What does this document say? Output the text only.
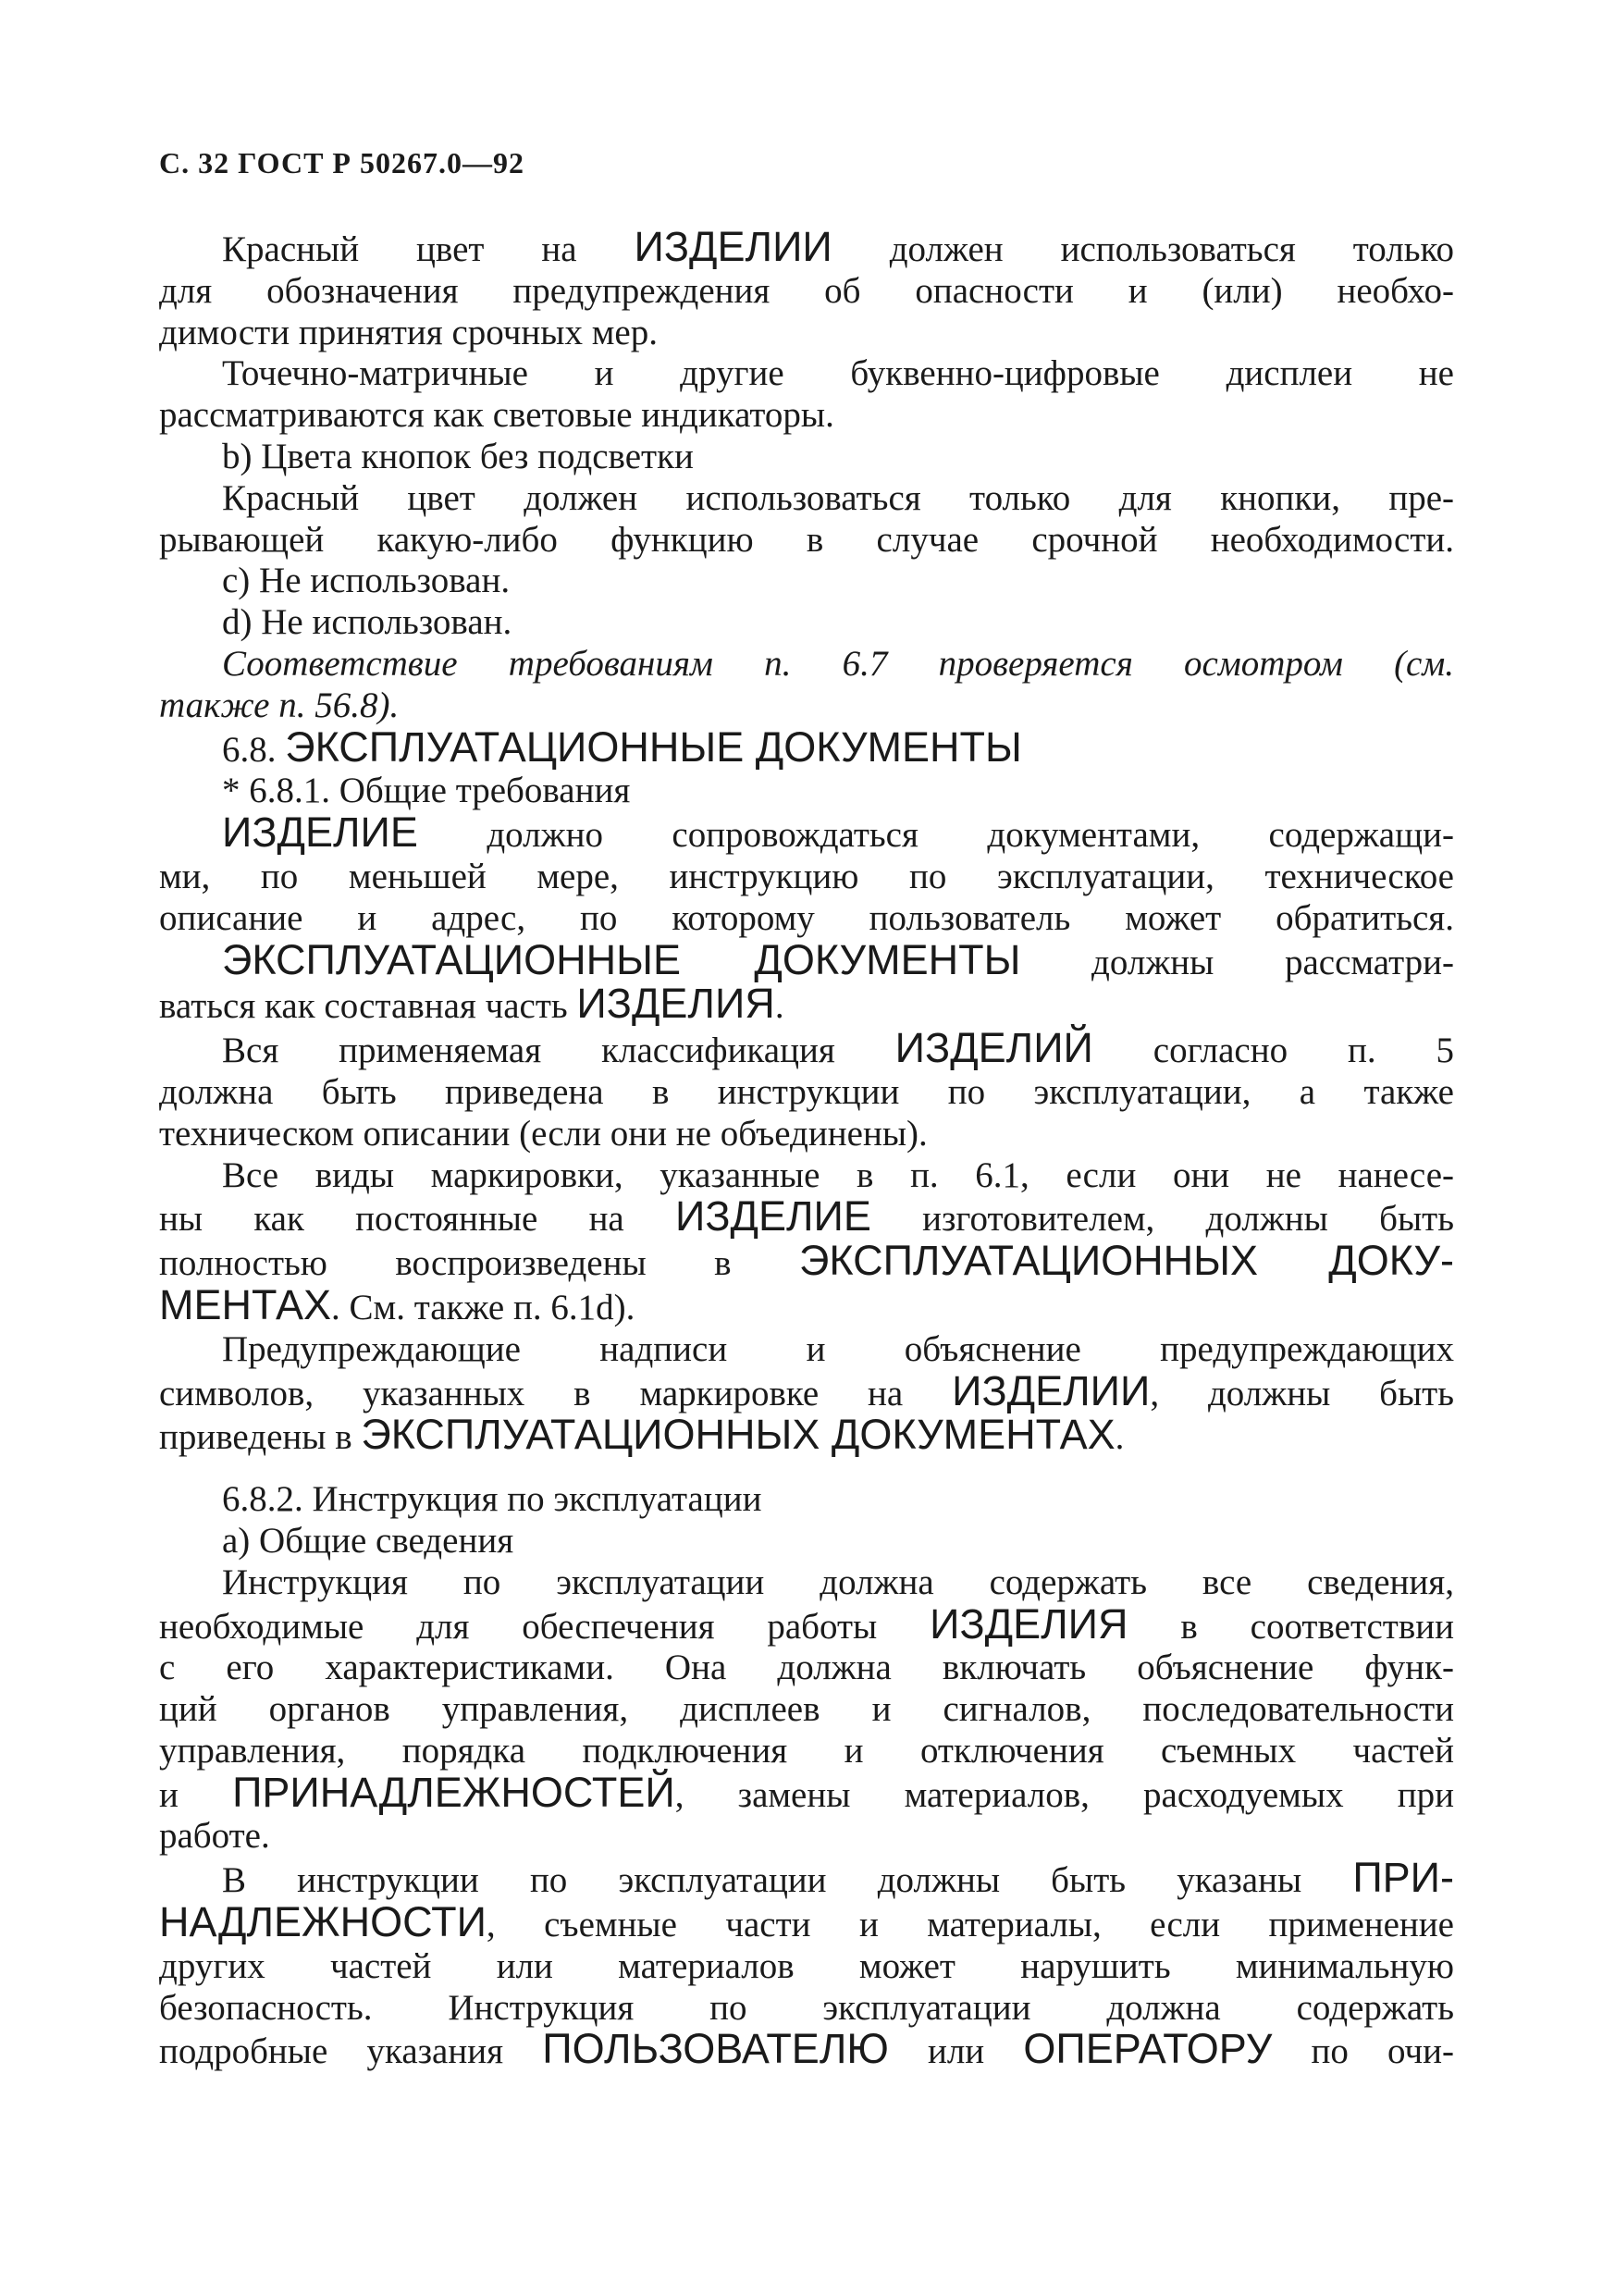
С. 32 ГОСТ Р 50267.0—92
Красный цвет на ИЗДЕЛИИ должен использоваться только
для обозначения предупреждения об опасности и (или) необхо-
димости принятия срочных мер.
Точечно-матричные и другие буквенно-цифровые дисплеи не
рассматриваются как световые индикаторы.
b) Цвета кнопок без подсветки
Красный цвет должен использоваться только для кнопки, пре-
рывающей какую-либо функцию в случае срочной необходимости.
с) Не использован.
d) Не использован.
Соответствие требованиям п. 6.7 проверяется осмотром (см.
также п. 56.8).
6.8. ЭКСПЛУАТАЦИОННЫЕ ДОКУМЕНТЫ
* 6.8.1. Общие требования
ИЗДЕЛИЕ должно сопровождаться документами, содержащи-
ми, по меньшей мере, инструкцию по эксплуатации, техническое
описание и адрес, по которому пользователь может обратиться.
ЭКСПЛУАТАЦИОННЫЕ ДОКУМЕНТЫ должны рассматри-
ваться как составная часть ИЗДЕЛИЯ.
Вся применяемая классификация ИЗДЕЛИЙ согласно п. 5
должна быть приведена в инструкции по эксплуатации, а также
техническом описании (если они не объединены).
Все виды маркировки, указанные в п. 6.1, если они не нанесе-
ны как постоянные на ИЗДЕЛИЕ изготовителем, должны быть
полностью воспроизведены в ЭКСПЛУАТАЦИОННЫХ ДОКУ-
МЕНТАХ. См. также п. 6.1d).
Предупреждающие надписи и объяснение предупреждающих
символов, указанных в маркировке на ИЗДЕЛИИ, должны быть
приведены в ЭКСПЛУАТАЦИОННЫХ ДОКУМЕНТАХ.
6.8.2. Инструкция по эксплуатации
а) Общие сведения
Инструкция по эксплуатации должна содержать все сведения,
необходимые для обеспечения работы ИЗДЕЛИЯ в соответствии
с его характеристиками. Она должна включать объяснение функ-
ций органов управления, дисплеев и сигналов, последовательности
управления, порядка подключения и отключения съемных частей
и ПРИНАДЛЕЖНОСТЕЙ, замены материалов, расходуемых при
работе.
В инструкции по эксплуатации должны быть указаны ПРИ-
НАДЛЕЖНОСТИ, съемные части и материалы, если применение
других частей или материалов может нарушить минимальную
безопасность. Инструкция по эксплуатации должна содержать
подробные указания ПОЛЬЗОВАТЕЛЮ или ОПЕРАТОРУ по очи-
